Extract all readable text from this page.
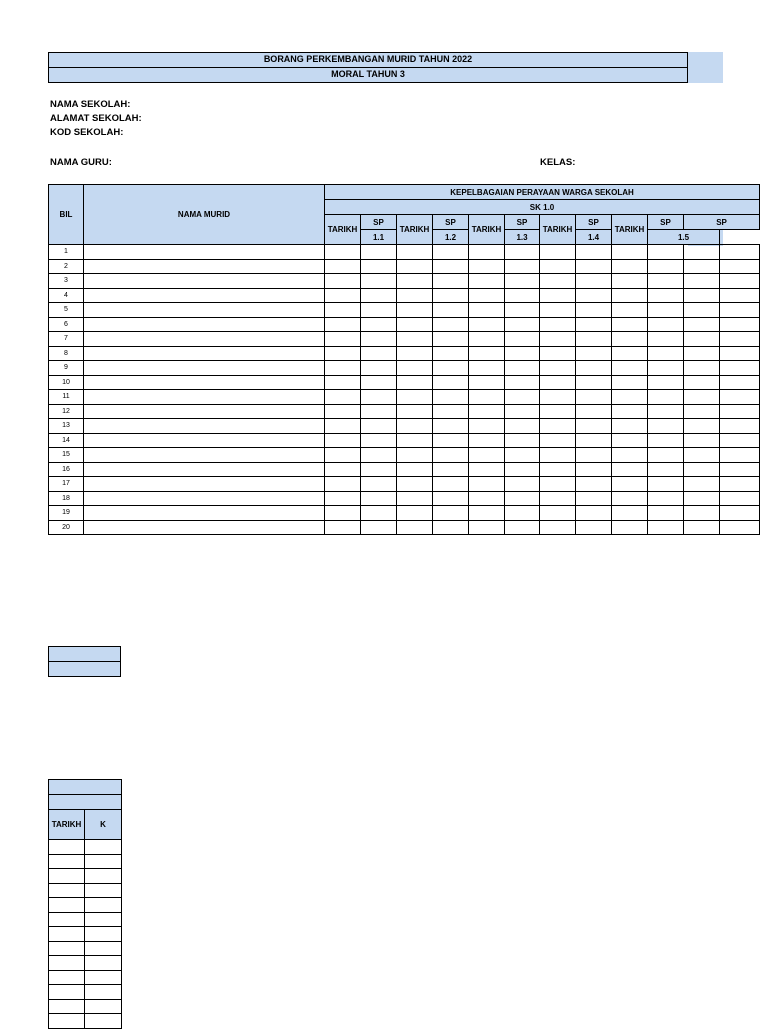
BORANG PERKEMBANGAN MURID TAHUN 2022
MORAL TAHUN 3
NAMA SEKOLAH:
ALAMAT SEKOLAH:
KOD SEKOLAH:
NAMA GURU:	KELAS:
BIL	NAMA MURID	KEPELBAGAIAN PERAYAAN WARGA SEKOLAH											
		SK 1.0											
		TARIKH	SP	TARIKH	SP	TARIKH	SP	TARIKH	SP	TARIKH	SP	SP	
			1.1		1.2		1.3		1.4		1.5		
1													
2													
3													
4													
5													
6													
7													
8													
9													
10													
11													
12													
13													
14													
15													
16													
17													
18													
19													
20													

TARIKH	K
